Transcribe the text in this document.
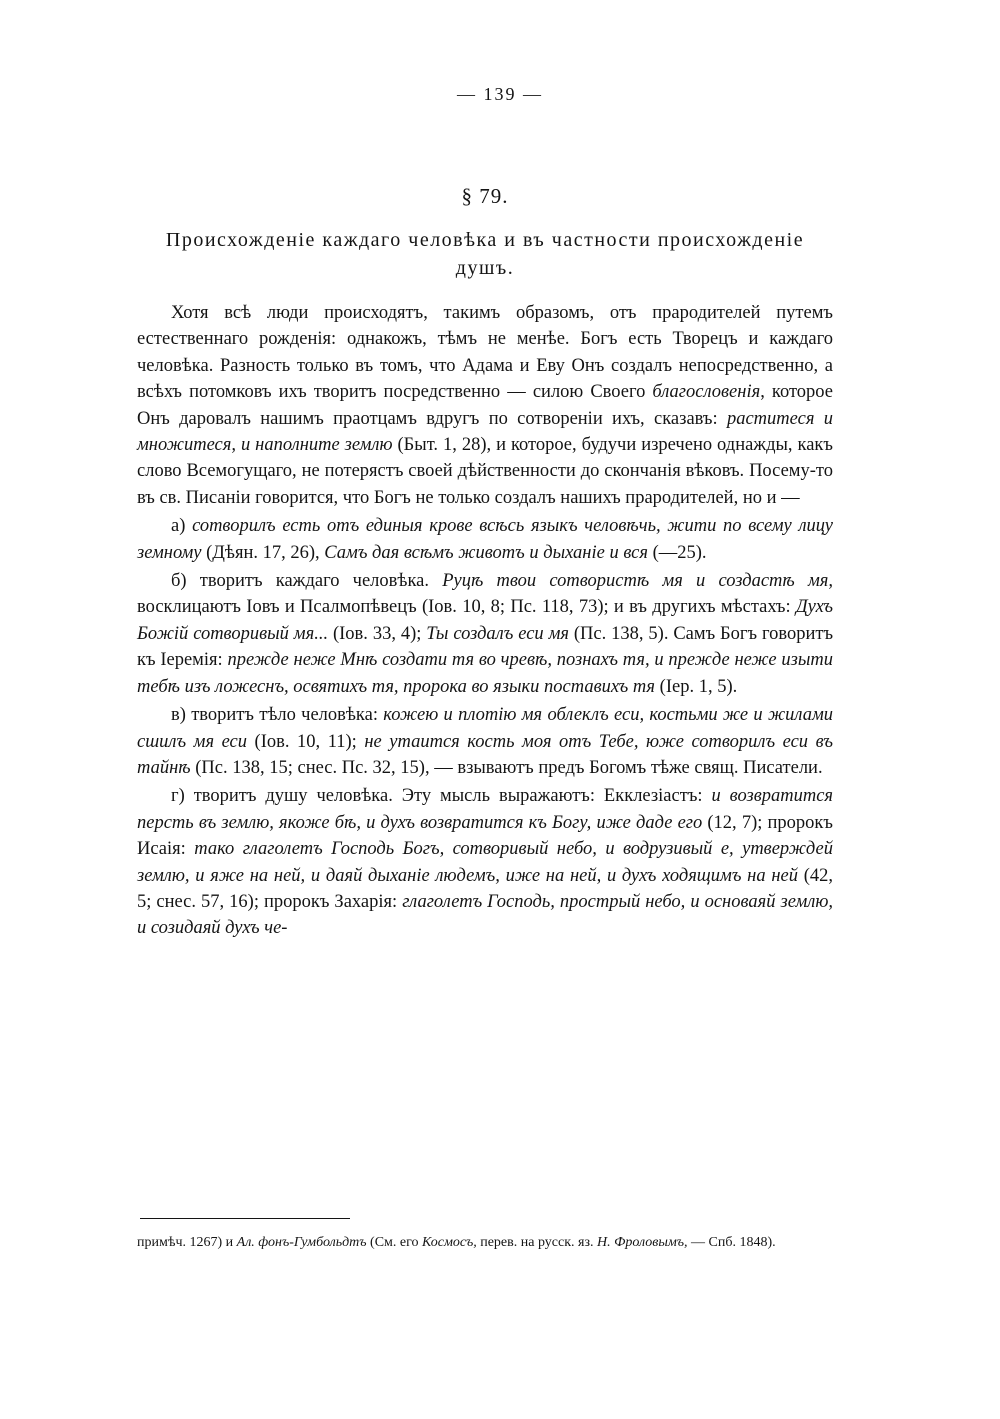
— 139 —
§ 79.
Происхожденіе каждаго человѣка и въ частности происхожденіе душъ.

Хотя всѣ люди происходятъ, такимъ образомъ, отъ прародителей путемъ естественнаго рожденія: однакожъ, тѣмъ не менѣе. Богъ есть Творецъ и каждаго человѣка. Разность только въ томъ, что Адама и Еву Онъ создалъ непосредственно, а всѣхъ потомковъ ихъ творитъ посредственно — силою Своего благословенія, которое Онъ даровалъ нашимъ праотцамъ вдругъ по сотвореніи ихъ, сказавъ: раститеся и множитеся, и наполните землю (Быт. 1, 28), и которое, будучи изречено однажды, какъ слово Всемогущаго, не потерястъ своей дѣйственности до скончанія вѣковъ. Посему-то въ св. Писаніи говорится, что Богъ не только создалъ нашихъ прародителей, но и —

а) сотворилъ есть отъ единыя крове всѣсь языкъ человѣчь, жити по всему лицу земному (Дѣян. 17, 26), Самъ дая всѣмъ животъ и дыханіе и вся (—25).

б) творитъ каждаго человѣка. Руцѣ твои сотвористѣ мя и создастѣ мя, восклицаютъ Іовъ и Псалмопѣвецъ (Іов. 10, 8; Пс. 118, 73); и въ другихъ мѣстахъ: Духъ Божій сотворивый мя... (Іов. 33, 4); Ты создалъ еси мя (Пс. 138, 5). Самъ Богъ говоритъ къ Іеремія: прежде неже Мнѣ создати тя во чревѣ, познахъ тя, и прежде неже изыти тебѣ изъ ложеснъ, освятихъ тя, пророка во языки поставихъ тя (Іер. 1, 5).

в) творитъ тѣло человѣка: кожею и плотію мя облеклъ еси, костьми же и жилами сшилъ мя еси (Іов. 10, 11); не утаится кость моя отъ Тебе, юже сотворилъ еси въ тайнѣ (Пс. 138, 15; снес. Пс. 32, 15), — взываютъ предъ Богомъ тѣже свящ. Писатели.

г) творитъ душу человѣка. Эту мысль выражаютъ: Екклезіастъ: и возвратится персть въ землю, якоже бѣ, и духъ возвратится къ Богу, иже даде его (12, 7); пророкъ Исаія: тако глаголетъ Господь Богъ, сотворивый небо, и водрузивый е, утверждей землю, и яже на ней, и даяй дыханіе людемъ, иже на ней, и духъ ходящимъ на ней (42, 5; снес. 57, 16); пророкъ Захарія: глаголетъ Господь, прострый небо, и основаяй землю, и созидаяй духъ че-

примѣч. 1267) и Ал. фонъ-Гумбольдтъ (См. его Космосъ, перев. на русск. яз. Н. Фроловымъ, — Спб. 1848).
